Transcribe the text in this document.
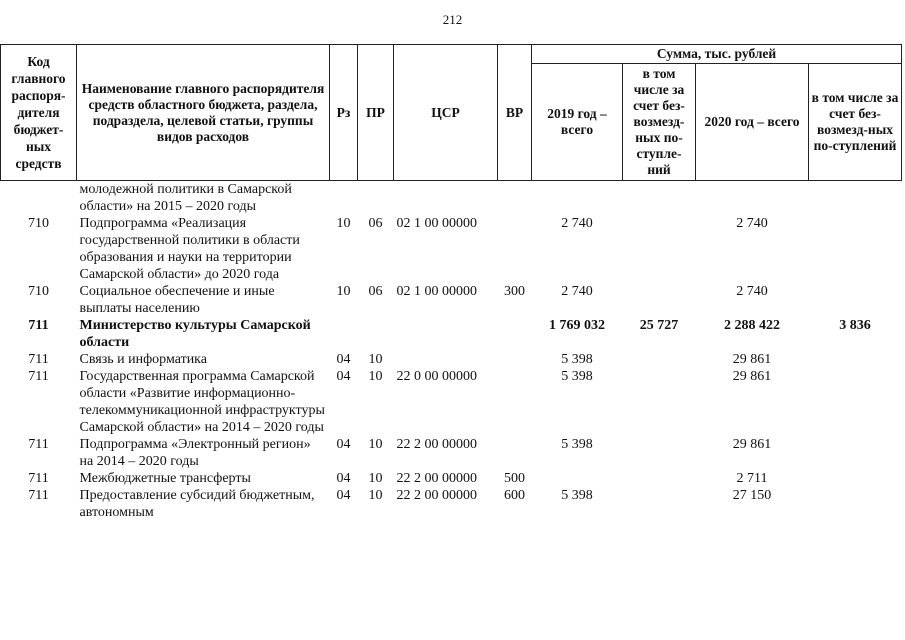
212
Код главного распоря-дителя бюджет-ных средств	Наименование главного распорядителя средств областного бюджета, раздела, подраздела, целевой статьи, группы видов расходов	Рз	ПР	ЦСР	ВР	Сумма, тыс. рублей			
						2019 год – всего	в том числе за счет без-возмезд-ных по-ступле-ний	2020 год – всего	в том числе за счет без-возмезд-ных по-ступлений
	молодежной политики в Самарской области» на 2015 – 2020 годы								
710	Подпрограмма «Реализация государственной политики в области образования и науки на территории Самарской области» до 2020 года	10	06	02 1 00 00000		2 740		2 740	
710	Социальное обеспечение и иные выплаты населению	10	06	02 1 00 00000	300	2 740		2 740	
711	Министерство культуры Самарской области					1 769 032	25 727	2 288 422	3 836
711	Связь и информатика	04	10			5 398		29 861	
711	Государственная программа Самарской области «Развитие информационно-телекоммуникационной инфраструктуры Самарской области» на 2014 – 2020 годы	04	10	22 0 00 00000		5 398		29 861	
711	Подпрограмма «Электронный регион» на 2014 – 2020 годы	04	10	22 2 00 00000		5 398		29 861	
711	Межбюджетные трансферты	04	10	22 2 00 00000	500			2 711	
711	Предоставление субсидий бюджетным, автономным	04	10	22 2 00 00000	600	5 398		27 150	
